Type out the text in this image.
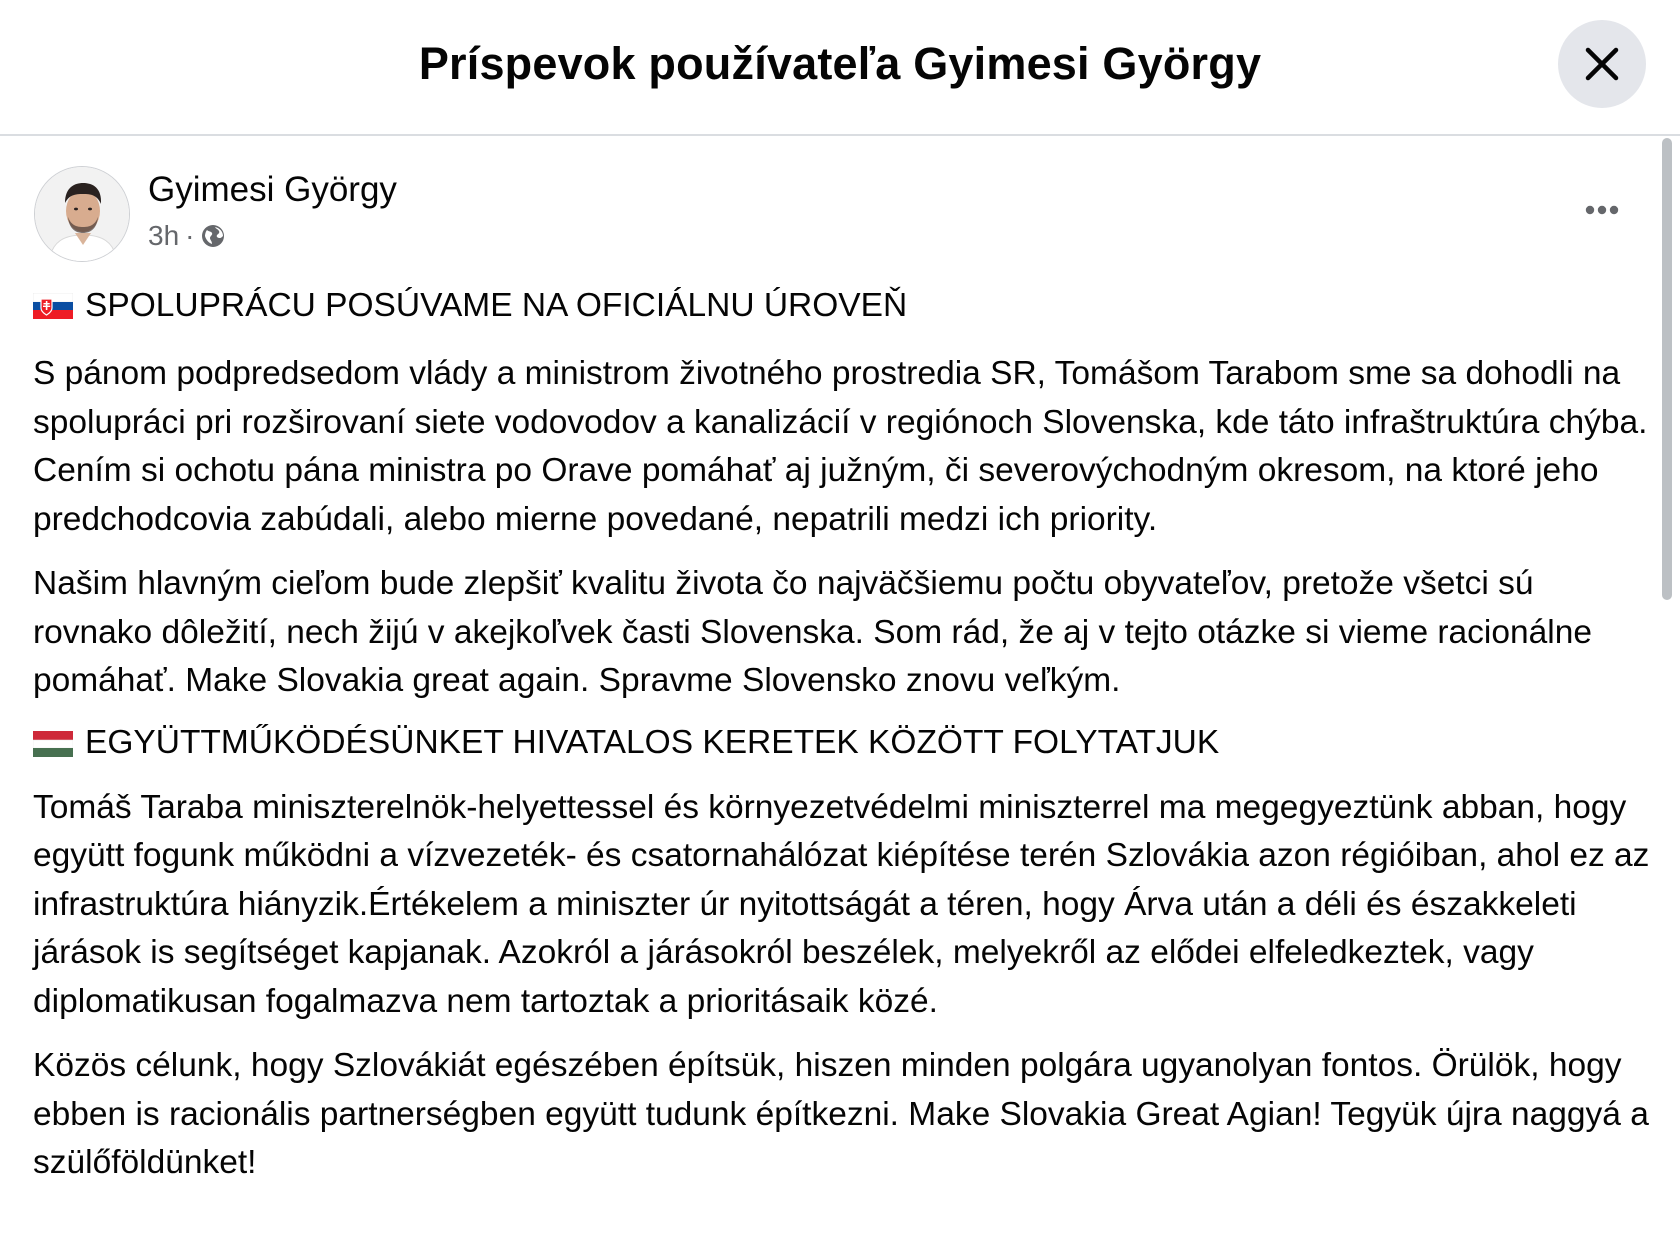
Príspevok používateľa Gyimesi György
Gyimesi György
3h ·
SPOLUPRÁCU POSÚVAME NA OFICIÁLNU ÚROVEŇ

S pánom podpredsedom vlády a ministrom životného prostredia SR, Tomášom Tarabom sme sa dohodli na spolupráci pri rozširovaní siete vodovodov a kanalizácií v regiónoch Slovenska, kde táto infraštruktúra chýba. Cením si ochotu pána ministra po Orave pomáhať aj južným, či severovýchodným okresom, na ktoré jeho predchodcovia zabúdali, alebo mierne povedané, nepatrili medzi ich priority.

Našim hlavným cieľom bude zlepšiť kvalitu života čo najväčšiemu počtu obyvateľov, pretože všetci sú rovnako dôležití, nech žijú v akejkoľvek časti Slovenska. Som rád, že aj v tejto otázke si vieme racionálne pomáhať. Make Slovakia great again. Spravme Slovensko znovu veľkým.

EGYÜTTMŰKÖDÉSÜNKET HIVATALOS KERETEK KÖZÖTT FOLYTATJUK

Tomáš Taraba miniszterelnök-helyettessel és környezetvédelmi miniszterrel ma megegyeztünk abban, hogy együtt fogunk működni a vízvezeték- és csatornahálózat kiépítése terén Szlovákia azon régióiban, ahol ez az infrastruktúra hiányzik.Értékelem a miniszter úr nyitottságát a téren, hogy Árva után a déli és északkeleti járások is segítséget kapjanak. Azokról a járásokról beszélek, melyekről az elődei elfeledkeztek, vagy diplomatikusan fogalmazva nem tartoztak a prioritásaik közé.

Közös célunk, hogy Szlovákiát egészében építsük, hiszen minden polgára ugyanolyan fontos. Örülök, hogy ebben is racionális partnerségben együtt tudunk építkezni. Make Slovakia Great Agian! Tegyük újra naggyá a szülőföldünket!
